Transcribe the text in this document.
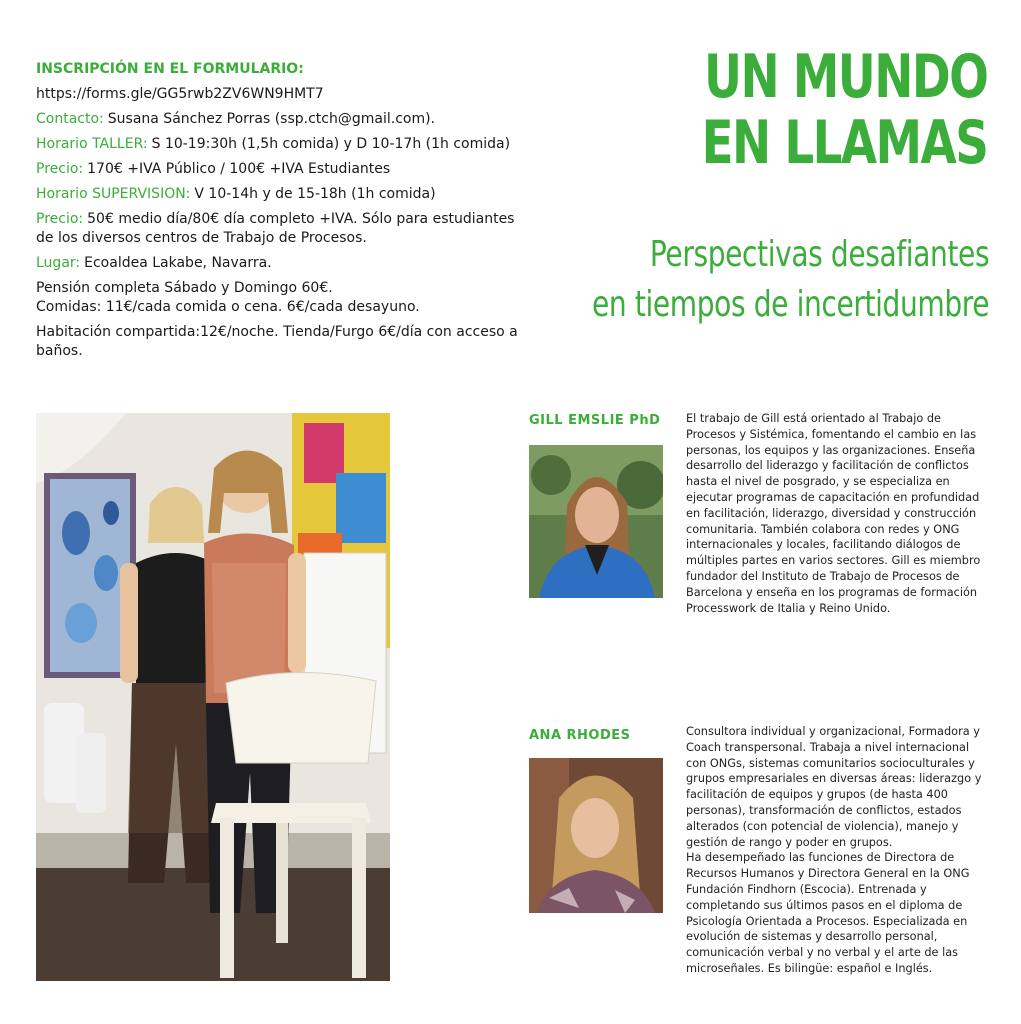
INSCRIPCIÓN EN EL FORMULARIO:
https://forms.gle/GG5rwb2ZV6WN9HMT7
Contacto: Susana Sánchez Porras (ssp.ctch@gmail.com).
Horario TALLER: S 10-19:30h (1,5h comida) y D 10-17h (1h comida)
Precio: 170€ +IVA Público / 100€ +IVA Estudiantes
Horario SUPERVISION: V 10-14h y de 15-18h (1h comida)
Precio: 50€ medio día/80€ día completo +IVA. Sólo para estudiantes de los diversos centros de Trabajo de Procesos.
Lugar: Ecoaldea Lakabe, Navarra.
Pensión completa Sábado y Domingo 60€.
Comidas: 11€/cada comida o cena. 6€/cada desayuno.
Habitación compartida:12€/noche. Tienda/Furgo 6€/día con acceso a baños.
UN MUNDO
EN LLAMAS
Perspectivas desafiantes
en tiempos de incertidumbre
GILL EMSLIE PhD El trabajo de Gill está orientado al Trabajo de Procesos y Sistémica, fomentando el cambio en las personas, los equipos y las organizaciones. Enseña desarrollo del liderazgo y facilitación de conflictos hasta el nivel de posgrado, y se especializa en ejecutar programas de capacitación en profundidad en facilitación, liderazgo, diversidad y construcción comunitaria. También colabora con redes y ONG internacionales y locales, facilitando diálogos de múltiples partes en varios sectores. Gill es miembro fundador del Instituto de Trabajo de Procesos de Barcelona y enseña en los programas de formación Processwork de Italia y Reino Unido.

ANA RHODES	Consultora individual y organizacional, Formadora y Coach transpersonal. Trabaja a nivel internacional con ONGs, sistemas comunitarios socioculturales y grupos empresariales en diversas áreas: liderazgo y facilitación de equipos y grupos (de hasta 400 personas), transformación de conflictos, estados alterados (con potencial de violencia), manejo y gestión de rango y poder en grupos.

Ha desempeñado las funciones de Directora de Recursos Humanos y Directora General en la ONG Fundación Findhorn (Escocia). Entrenada y completando sus últimos pasos en el diploma de Psicología Orientada a Procesos. Especializada en evolución de sistemas y desarrollo personal, comunicación verbal y no verbal y el arte de las microseñales. Es bilingüe: español e Inglés.
